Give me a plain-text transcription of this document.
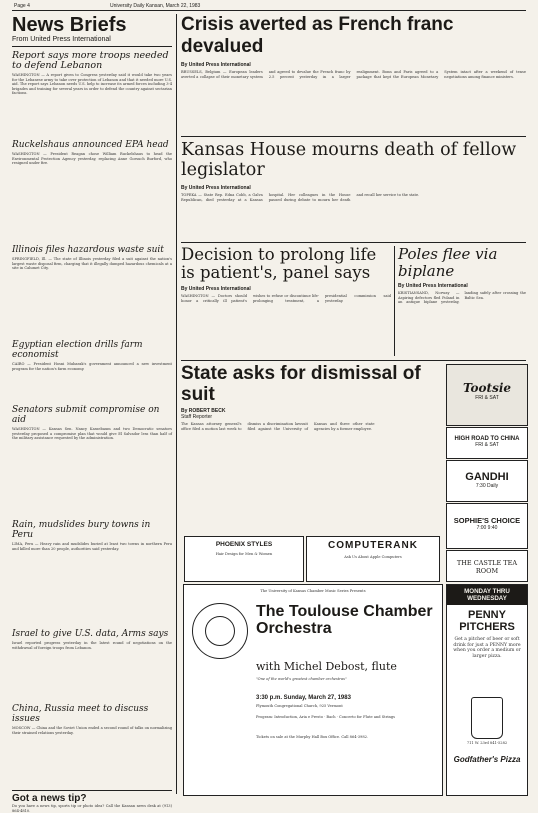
Page 4	University Daily Kansan, March 22, 1983
News Briefs
From United Press International
Report says more troops needed to defend Lebanon
WASHINGTON — A report given to Congress yesterday said it would take two years for the Lebanese army to take over protection of Lebanon and that it needed more U.S. aid. The report says Lebanon needs U.S. help to increase its armed forces including 3-4 brigades and training for several years in order to defend the country against sectarian factions.
Ruckelshaus announced EPA head
WASHINGTON — President Reagan chose William Ruckelshaus to head the Environmental Protection Agency yesterday, replacing Anne Gorsuch Burford, who resigned under fire.
Illinois files hazardous waste suit
SPRINGFIELD, Ill. — The state of Illinois yesterday filed a suit against the nation's largest waste disposal firm, charging that it illegally dumped hazardous chemicals at a site in Calumet City.
Egyptian election drills farm economist
CAIRO — President Hosni Mubarak's government announced a new investment program for the nation's farm economy.
Senators submit compromise on aid
WASHINGTON — Kansas Sen. Nancy Kassebaum and two Democratic senators yesterday proposed a compromise plan that would give El Salvador less than half of the military assistance requested by the administration.
Rain, mudslides bury towns in Peru
LIMA, Peru — Heavy rain and mudslides buried at least two towns in northern Peru and killed more than 20 people, authorities said yesterday.
Israel to give U.S. data, Arms says
Israel reported progress yesterday in the latest round of negotiations on the withdrawal of foreign troops from Lebanon.
China, Russia meet to discuss issues
MOSCOW — China and the Soviet Union ended a second round of talks on normalizing their strained relations yesterday.
Got a news tip?
Do you have a news tip, sports tip or photo idea? Call the Kansan news desk at (913) 864-4810.
Crisis averted as French franc devalued
By United Press International
BRUSSELS, Belgium — European leaders averted a collapse of their monetary system and agreed to devalue the French franc by 2.5 percent yesterday in a larger realignment. Bonn and Paris agreed to a package that kept the European Monetary System intact after a weekend of tense negotiations among finance ministers.
Kansas House mourns death of fellow legislator
By United Press International
TOPEKA — State Rep. Edna Cobb, a Galva Republican, died yesterday at a Kansas hospital. Her colleagues in the House paused during debate to mourn her death and recall her service to the state.
Decision to prolong life is patient's, panel says
By United Press International
WASHINGTON — Doctors should honor a critically ill patient's wishes to refuse or discontinue life-prolonging treatment, a presidential commission said yesterday.
Poles flee via biplane
By United Press International
KRISTIANSAND, Norway — Aspiring defectors fled Poland in an antique biplane yesterday, landing safely after crossing the Baltic Sea.
State asks for dismissal of suit
By ROBERT BECK
Staff Reporter
The Kansas attorney general's office filed a motion last week to dismiss a discrimination lawsuit filed against the University of Kansas and three other state agencies by a former employee.
PHOENIX STYLES
Hair Design for Men & Women
COMPUTERANK
Ask Us About Apple Computers
Tootsie
FRI & SAT
HIGH ROAD TO CHINA
FRI & SAT
GANDHI
7:30 Daily
SOPHIE'S CHOICE
7:00 9:40
THE CASTLE TEA ROOM
The University of Kansas Chamber Music Series Presents
The Toulouse Chamber Orchestra
with Michel Debost, flute
"One of the world's greatest chamber orchestras"
3:30 p.m. Sunday, March 27, 1983
Plymouth Congregational Church, 925 Vermont
Program: Introduction, Aria e Presto · Bach · Concerto for Flute and Strings
Tickets on sale at the Murphy Hall Box Office. Call 864-3982.
MONDAY THRU WEDNESDAY
PENNY PITCHERS
Get a pitcher of beer or soft drink for just a PENNY more when you order a medium or larger pizza.
711 W. 23rd 841-5282
Godfather's Pizza
